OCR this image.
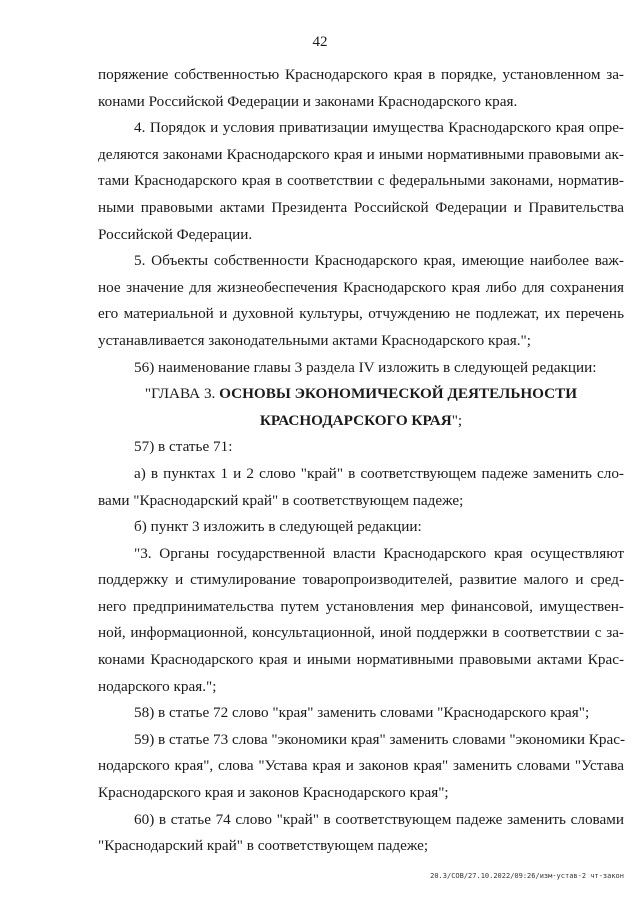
42

поряжение собственностью Краснодарского края в порядке, установленном за-
конами Российской Федерации и законами Краснодарского края.

4. Порядок и условия приватизации имущества Краснодарского края опре-
деляются законами Краснодарского края и иными нормативными правовыми ак-
тами Краснодарского края в соответствии с федеральными законами, норматив-
ными правовыми актами Президента Российской Федерации и Правительства
Российской Федерации.

5. Объекты собственности Краснодарского края, имеющие наиболее важ-
ное значение для жизнеобеспечения Краснодарского края либо для сохранения
его материальной и духовной культуры, отчуждению не подлежат, их перечень
устанавливается законодательными актами Краснодарского края.";

56) наименование главы 3 раздела IV изложить в следующей редакции:

"ГЛАВА 3. ОСНОВЫ ЭКОНОМИЧЕСКОЙ ДЕЯТЕЛЬНОСТИ
КРАСНОДАРСКОГО КРАЯ";

57) в статье 71:

а) в пунктах 1 и 2 слово "край" в соответствующем падеже заменить сло-
вами "Краснодарский край" в соответствующем падеже;

б) пункт 3 изложить в следующей редакции:

"3. Органы государственной власти Краснодарского края осуществляют
поддержку и стимулирование товаропроизводителей, развитие малого и сред-
него предпринимательства путем установления мер финансовой, имуществен-
ной, информационной, консультационной, иной поддержки в соответствии с за-
конами Краснодарского края и иными нормативными правовыми актами Крас-
нодарского края.";

58) в статье 72 слово "края" заменить словами "Краснодарского края";

59) в статье 73 слова "экономики края" заменить словами "экономики Крас-
нодарского края", слова "Устава края и законов края" заменить словами "Устава
Краснодарского края и законов Краснодарского края";

60) в статье 74 слово "край" в соответствующем падеже заменить словами
"Краснодарский край" в соответствующем падеже;

20.3/СОВ/27.10.2022/09:26/изм-устав-2 чт-закон
